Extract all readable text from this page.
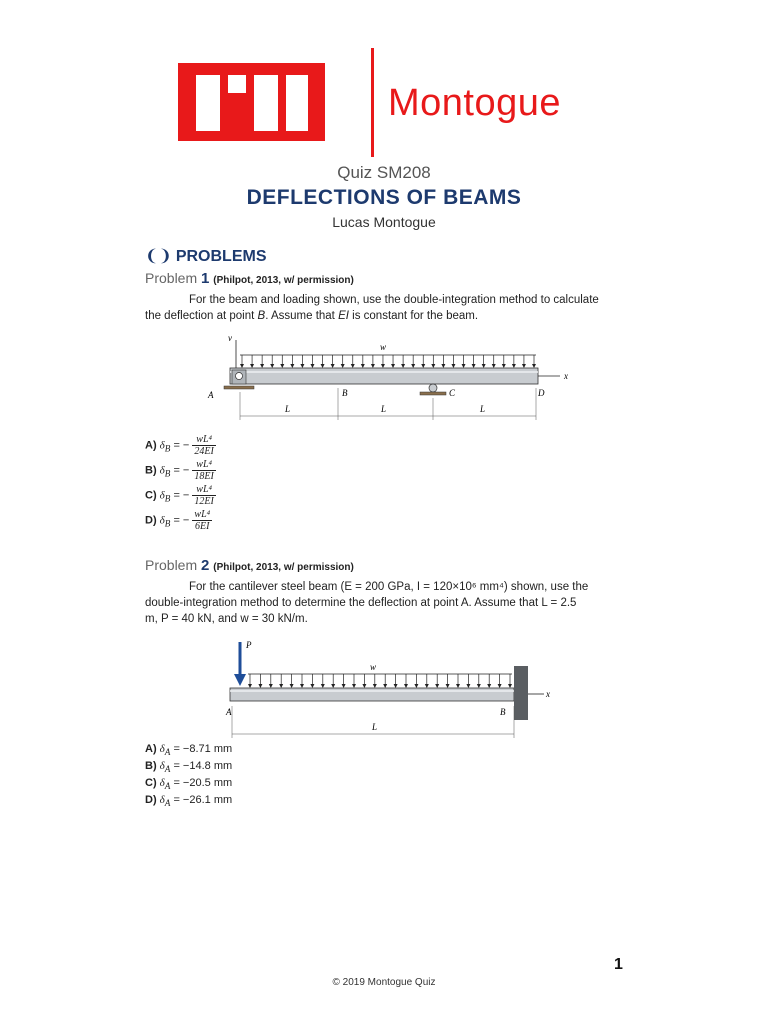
Montogue
Quiz SM208
DEFLECTIONS OF BEAMS
Lucas Montogue
❨❩ PROBLEMS
Problem 1 (Philpot, 2013, w/ permission)
For the beam and loading shown, use the double-integration method to calculate the deflection at point B. Assume that EI is constant for the beam.
v
w
x
A	B	C	D
L	L	L
A) $\delta_B$ = − $\frac{\text{wL⁴}}{24EI}$
B) $\delta_B$ = − $\frac{\text{wL⁴}}{18EI}$
C) $\delta_B$ = − $\frac{\text{wL⁴}}{12EI}$
D) $\delta_B$ = − $\frac{\text{wL⁴}}{6EI}$
Problem 2 (Philpot, 2013, w/ permission)
For the cantilever steel beam (E = 200 GPa, I = 120×10⁶ mm⁴) shown, use the
double-integration method to determine the deflection at point A. Assume that L = 2.5
m, P = 40 kN, and w = 30 kN/m.
P
w
x
A	B
L
A) $\delta_A = -8.71$ mm
B) $\delta_A = -14.8$ mm
C) $\delta_A = -20.5$ mm
D) $\delta_A = -26.1$ mm
1
© 2019 Montogue Quiz
